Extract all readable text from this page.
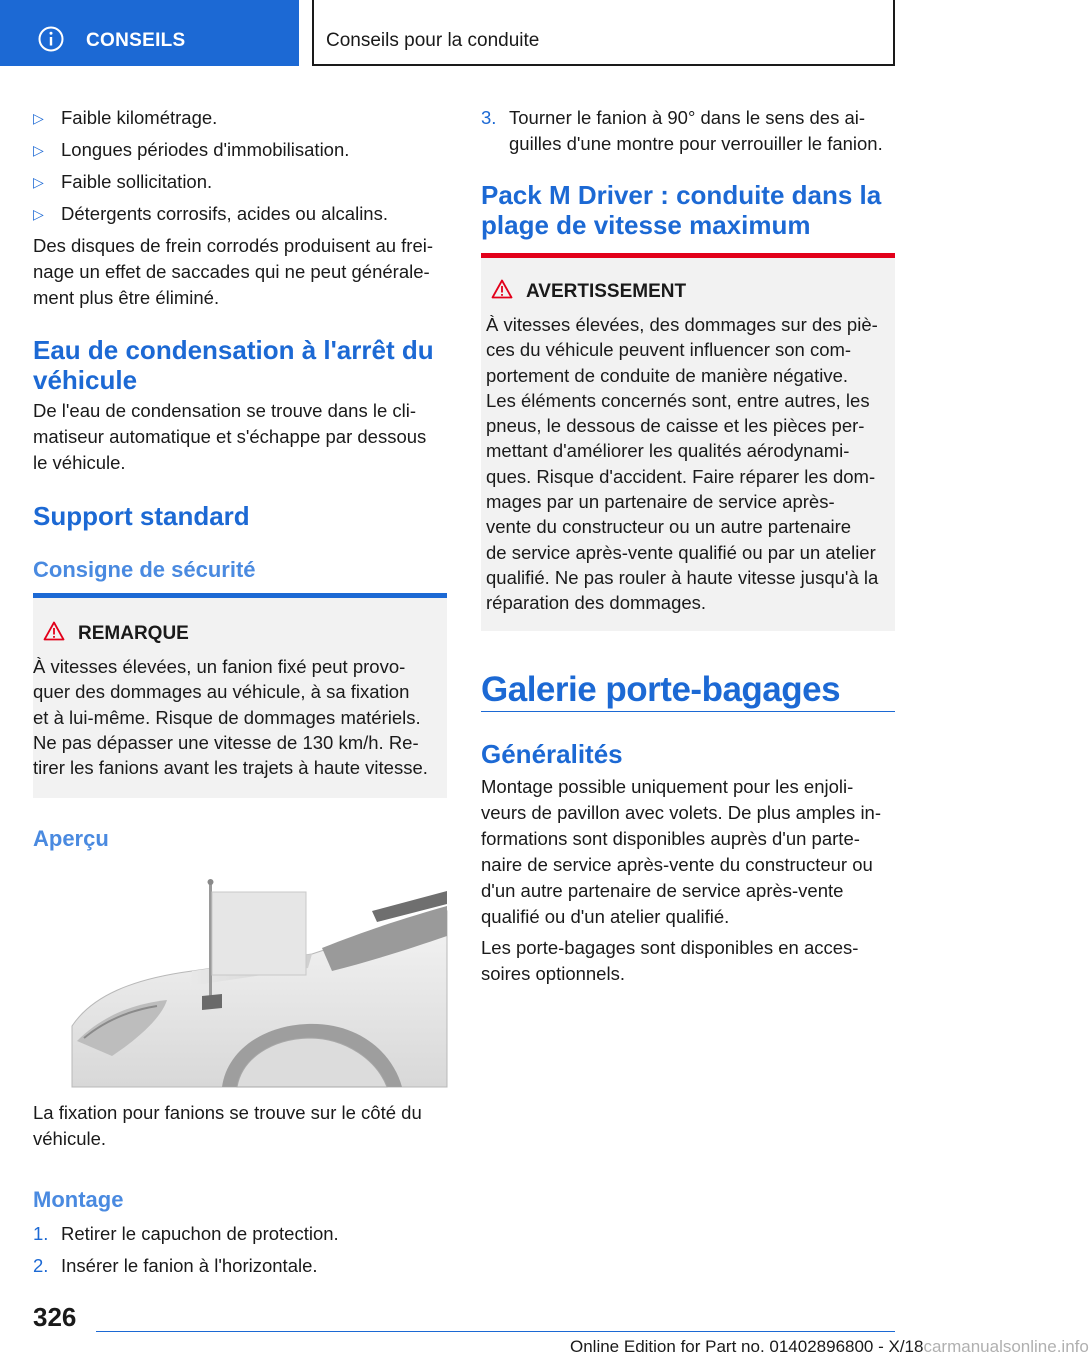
CONSEILS	Conseils pour la conduite
▷ Faible kilométrage.
▷ Longues périodes d'immobilisation.
▷ Faible sollicitation.
▷ Détergents corrosifs, acides ou alcalins.
Des disques de frein corrodés produisent au frei-
nage un effet de saccades qui ne peut générale-
ment plus être éliminé.
Eau de condensation à l'arrêt du
véhicule
De l'eau de condensation se trouve dans le cli-
matiseur automatique et s'échappe par dessous
le véhicule.
Support standard
Consigne de sécurité
REMARQUE
À vitesses élevées, un fanion fixé peut provo-
quer des dommages au véhicule, à sa fixation
et à lui-même. Risque de dommages matériels.
Ne pas dépasser une vitesse de 130 km/h. Re-
tirer les fanions avant les trajets à haute vitesse.
Aperçu
La fixation pour fanions se trouve sur le côté du
véhicule.
Montage
1. Retirer le capuchon de protection.
2. Insérer le fanion à l'horizontale.
3. Tourner le fanion à 90° dans le sens des ai-
guilles d'une montre pour verrouiller le fanion.
Pack M Driver : conduite dans la
plage de vitesse maximum
AVERTISSEMENT
À vitesses élevées, des dommages sur des piè-
ces du véhicule peuvent influencer son com-
portement de conduite de manière négative.
Les éléments concernés sont, entre autres, les
pneus, le dessous de caisse et les pièces per-
mettant d'améliorer les qualités aérodynami-
ques. Risque d'accident. Faire réparer les dom-
mages par un partenaire de service après-
vente du constructeur ou un autre partenaire
de service après-vente qualifié ou par un atelier
qualifié. Ne pas rouler à haute vitesse jusqu'à la
réparation des dommages.
Galerie porte-bagages
Généralités
Montage possible uniquement pour les enjoli-
veurs de pavillon avec volets. De plus amples in-
formations sont disponibles auprès d'un parte-
naire de service après-vente du constructeur ou
d'un autre partenaire de service après-vente
qualifié ou d'un atelier qualifié.
Les porte-bagages sont disponibles en acces-
soires optionnels.
326
Online Edition for Part no. 01402896800 - X/18carmanualsonline.info
